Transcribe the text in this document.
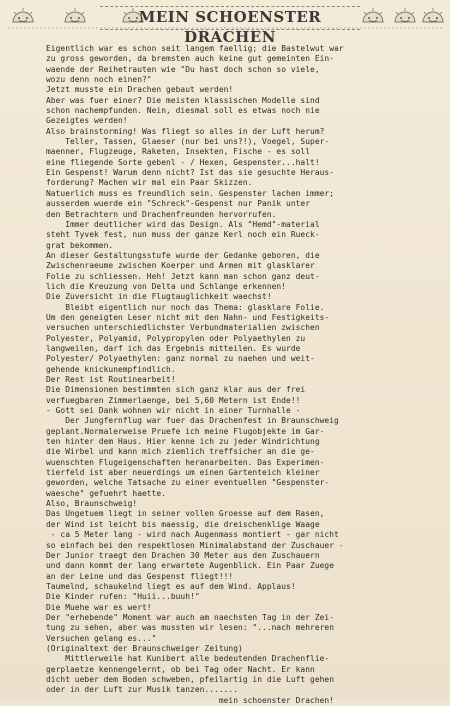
MEIN SCHOENSTER DRACHEN
Eigentlich war es schon seit langem faellig; die Bastelwut war
zu gross geworden, da bremsten auch keine gut gemeinten Ein-
waende der Reihetrauten wie "Du hast doch schon so viele,
wozu denn noch einen?"
Jetzt musste ein Drachen gebaut werden!
Aber was fuer einer? Die meisten klassischen Modelle sind
schon nachempfunden. Nein, diesmal soll es etwas noch nie
Gezeigtes werden!
Also brainstorming! Was fliegt so alles in der Luft herum?
Teller, Tassen, Glaeser (nur bei uns?!), Voegel, Super-
maenner, Flugzeuge, Raketen, Insekten, Fische - es soll
eine fliegende Sorte gebenl - / Hexen, Gespenster...halt!
Ein Gespenst! Warum denn nicht? Ist das sie gesuchte Heraus-
forderung? Machen wir mal ein Paar Skizzen.
Natuerlich muss es freundlich sein. Gespenster lachen immer;
ausserdem wuerde ein "Schreck"-Gespenst nur Panik unter
den Betrachtern und Drachenfreunden hervorrufen.
Immer deutlicher wird das Design. Als "Hemd"-material
steht Tyvek fest, nun muss der ganze Kerl noch ein Rueck-
grat bekommen.
An dieser Gestaltungsstufe wurde der Gedanke geboren, die
Zwischenraeume zwischen Koerper und Armen mit glasklarer
Folie zu schliessen. Heh! Jetzt kann man schon ganz deut-
lich die Kreuzung von Delta und Schlange erkennen!
Die Zuversicht in die Flugtauglichkeit waechst!
Bleibt eigentlich nur noch das Thema: glasklare Folie.
Um den geneigten Leser nicht mit den Nahn- und Festigkeits-
versuchen unterschiedlichster Verbundmaterialien zwischen
Polyester, Polyamid, Polypropylen oder Polyaethylen zu
langweilen, darf ich das Ergebnis mitteilen. Es wurde
Polyester/ Polyaethylen: ganz normal zu naehen und weit-
gehende knickunempfindlich.
Der Rest ist Routinearbeit!
Die Dimensionen bestimmten sich ganz klar aus der frei
verfuegbaren Zimmerlaenge, bei 5,60 Metern ist Ende!!
- Gott sei Dank wohnen wir nicht in einer Turnhalle -
Der Jungfernflug war fuer das Drachenfest in Braunschweig
geplant.Normalerweise Pruefe ich meine Flugobjekte im Gar-
ten hinter dem Haus. Hier kenne ich zu jeder Windrichtung
die Wirbel und kann mich ziemlich treffsicher an die ge-
wuenschten Flugeigenschaften heranarbeiten. Das Experimen-
tierfeld ist aber neuerdings um einen Gartenteich kleiner
geworden, welche Tatsache zu einer eventuellen "Gespenster-
waesche" gefuehrt haette.
Also, Braunschweig!
Das Ungetuem liegt in seiner vollen Groesse auf dem Rasen,
der Wind ist leicht bis maessig, die dreischenklige Waage
- ca 5 Meter lang - wird nach Augenmass montiert - gar nicht
so einfach bei den respektlosen Minimalabstand der Zuschauer -
Der Junior traegt den Drachen 30 Meter aus den Zuschauern
und dann kommt der lang erwartete Augenblick. Ein Paar Zuege
an der Leine und das Gespenst fliegt!!!
Taumelnd, schaukelnd liegt es auf dem Wind. Applaus!
Die Kinder rufen: "Huii...buuh!"
Die Muehe war es wert!
Der "erhebende" Moment war auch am naechsten Tag in der Zei-
tung zu sehen, aber was mussten wir lesen: "...nach mehreren
Versuchen gelang es..."
(Originaltext der Braunschweiger Zeitung)
Mittlerweile hat Kunibert alle bedeutenden Drachenflie-
gerplaetze kennengelernt, ob bei Tag oder Nacht. Er kann
dicht ueber dem Boden schweben, pfeilartig in die Luft gehen
oder in der Luft zur Musik tanzen.......
mein schoenster Drachen!
